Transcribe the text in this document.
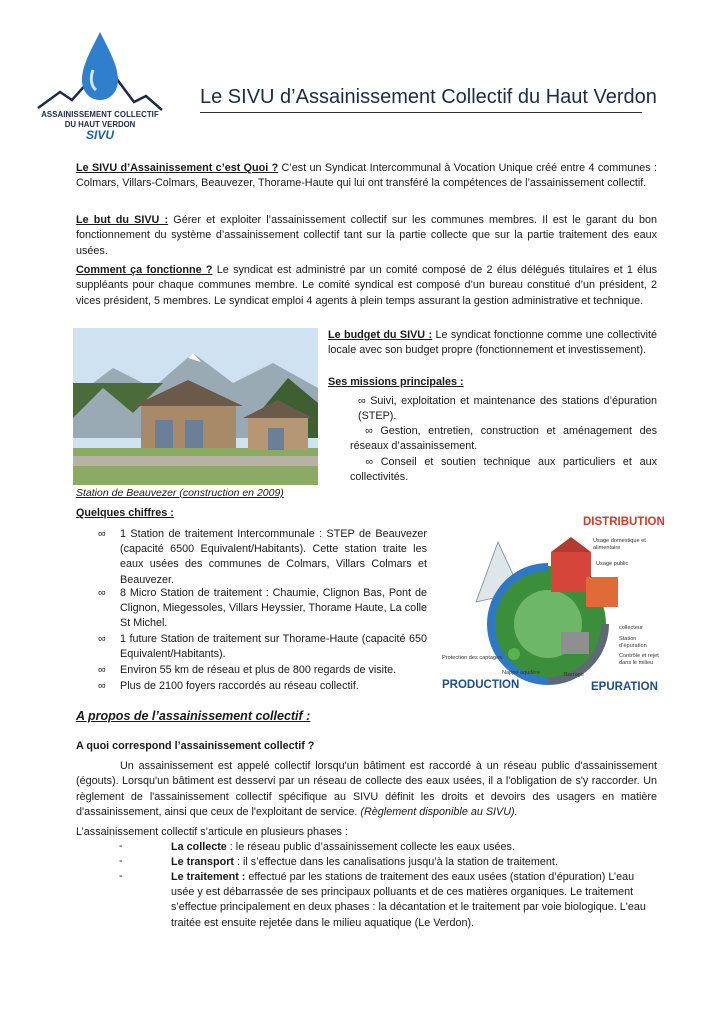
ASSAINISSEMENT COLLECTIF
DU HAUT VERDON
SIVU
Le SIVU d’Assainissement Collectif du Haut Verdon
Le SIVU d’Assainissement c’est Quoi ? C’est un Syndicat Intercommunal à Vocation Unique créé entre 4 communes : Colmars, Villars-Colmars, Beauvezer, Thorame-Haute qui lui ont transféré la compétences de l’assainissement collectif.
Le but du SIVU : Gérer et exploiter l’assainissement collectif sur les communes membres. Il est le garant du bon fonctionnement du système d’assainissement collectif tant sur la partie collecte que sur la partie traitement des eaux usées.
Comment ça fonctionne ? Le syndicat est administré par un comité composé de 2 élus délégués titulaires et 1 élus suppléants pour chaque communes membre. Le comité syndical est composé d’un bureau constitué d’un président, 2 vices président, 5 membres. Le syndicat emploi 4 agents à plein temps assurant la gestion administrative et technique.
Station de Beauvezer (construction en 2009)
Le budget du SIVU : Le syndicat fonctionne comme une collectivité locale avec son budget propre (fonctionnement et investissement).
Ses missions principales :
∞ Suivi, exploitation et maintenance des stations d’épuration (STEP).
∞ Gestion, entretien, construction et aménagement des réseaux d’assainissement.
∞ Conseil et soutien technique aux particuliers et aux collectivités.
Quelques chiffres :
∞ 1 Station de traitement Intercommunale : STEP de Beauvezer (capacité 6500 Equivalent/Habitants). Cette station traite les eaux usées des communes de Colmars, Villars Colmars et Beauvezer.
∞ 8 Micro Station de traitement : Chaumie, Clignon Bas, Pont de Clignon, Miegessoles, Villars Heyssier, Thorame Haute, La colle St Michel.
∞ 1 future Station de traitement sur Thorame-Haute (capacité 650 Equivalent/Habitants).
∞ Environ 55 km de réseau et plus de 800 regards de visite.
∞ Plus de 2100 foyers raccordés au réseau collectif.
DISTRIBUTION
PRODUCTION	EPURATION
Usage domestique et alimentaire
Usage public
collecteur
Station d’épuration
Contrôle et rejet dans le milieu
Protection des captages
Nappe aquifère	Barrage
A propos de l’assainissement collectif :
A quoi correspond l’assainissement collectif ?
Un assainissement est appelé collectif lorsqu'un bâtiment est raccordé à un réseau public d'assainissement (égouts). Lorsqu'un bâtiment est desservi par un réseau de collecte des eaux usées, il a l'obligation de s'y raccorder. Un règlement de l'assainissement collectif spécifique au SIVU définit les droits et devoirs des usagers en matière d'assainissement, ainsi que ceux de l'exploitant de service. (Règlement disponible au SIVU).
L’assainissement collectif s’articule en plusieurs phases :
-	La collecte : le réseau public d’assainissement collecte les eaux usées.
-	Le transport : il s’effectue dans les canalisations jusqu’à la station de traitement.
-	Le traitement : effectué par les stations de traitement des eaux usées (station d’épuration) L’eau usée y est débarrassée de ses principaux polluants et de ces matières organiques. Le traitement s’effectue principalement en deux phases : la décantation et le traitement par voie biologique. L'eau traitée est ensuite rejetée dans le milieu aquatique (Le Verdon).
